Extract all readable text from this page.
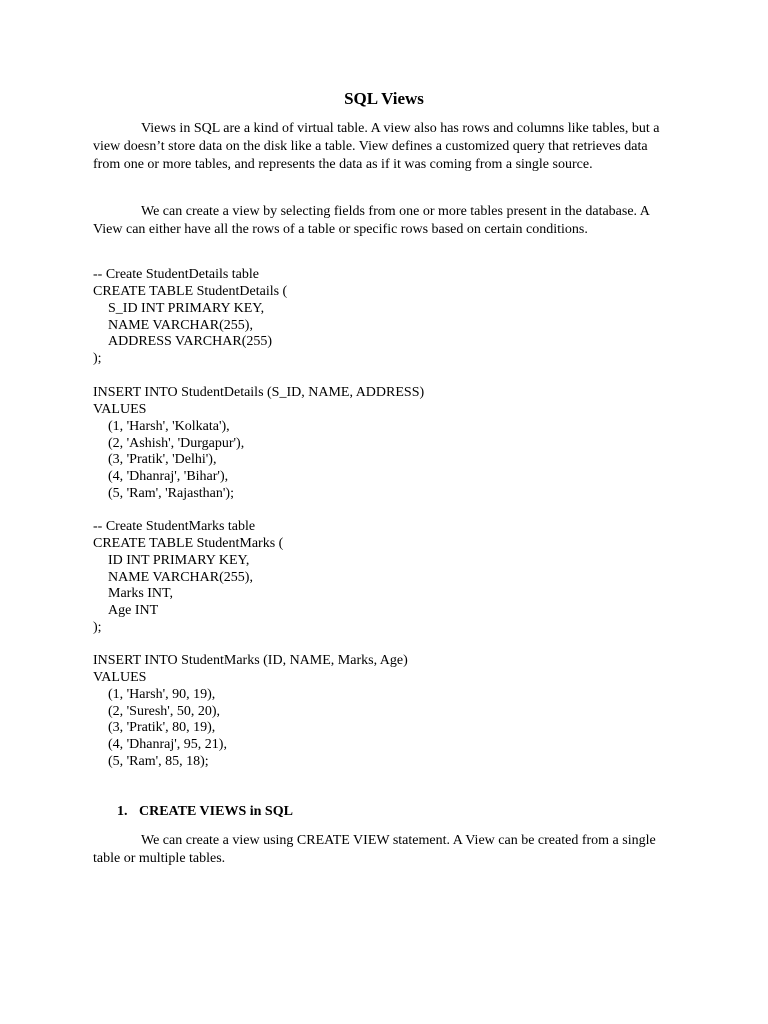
SQL Views
Views in SQL are a kind of virtual table. A view also has rows and columns like tables, but a view doesn’t store data on the disk like a table. View defines a customized query that retrieves data from one or more tables, and represents the data as if it was coming from a single source.
We can create a view by selecting fields from one or more tables present in the database. A View can either have all the rows of a table or specific rows based on certain conditions.
-- Create StudentDetails table
CREATE TABLE StudentDetails (
S_ID INT PRIMARY KEY,
NAME VARCHAR(255),
ADDRESS VARCHAR(255)
);
INSERT INTO StudentDetails (S_ID, NAME, ADDRESS)
VALUES
(1, 'Harsh', 'Kolkata'),
(2, 'Ashish', 'Durgapur'),
(3, 'Pratik', 'Delhi'),
(4, 'Dhanraj', 'Bihar'),
(5, 'Ram', 'Rajasthan');
-- Create StudentMarks table
CREATE TABLE StudentMarks (
ID INT PRIMARY KEY,
NAME VARCHAR(255),
Marks INT,
Age INT
);
INSERT INTO StudentMarks (ID, NAME, Marks, Age)
VALUES
(1, 'Harsh', 90, 19),
(2, 'Suresh', 50, 20),
(3, 'Pratik', 80, 19),
(4, 'Dhanraj', 95, 21),
(5, 'Ram', 85, 18);
1. CREATE VIEWS in SQL
We can create a view using CREATE VIEW statement. A View can be created from a single table or multiple tables.
